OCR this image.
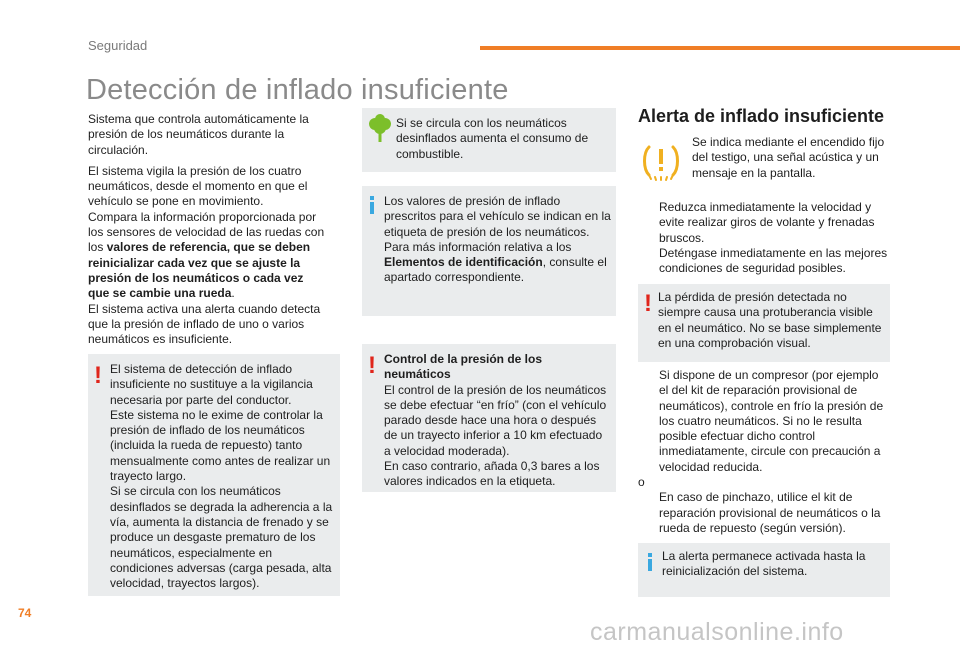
Seguridad
Detección de inflado insuficiente

Sistema que controla automáticamente la presión de los neumáticos durante la circulación.

El sistema vigila la presión de los cuatro neumáticos, desde el momento en que el vehículo se pone en movimiento.

Compara la información proporcionada por los sensores de velocidad de las ruedas con los valores de referencia, que se deben reinicializar cada vez que se ajuste la presión de los neumáticos o cada vez que se cambie una rueda.

El sistema activa una alerta cuando detecta que la presión de inflado de uno o varios neumáticos es insuficiente.

! El sistema de detección de inflado insuficiente no sustituye a la vigilancia necesaria por parte del conductor.

Este sistema no le exime de controlar la presión de inflado de los neumáticos (incluida la rueda de repuesto) tanto mensualmente como antes de realizar un trayecto largo.

Si se circula con los neumáticos desinflados se degrada la adherencia a la vía, aumenta la distancia de frenado y se produce un desgaste prematuro de los neumáticos, especialmente en condiciones adversas (carga pesada, alta velocidad, trayectos largos).

Si se circula con los neumáticos desinflados aumenta el consumo de combustible.

Los valores de presión de inflado prescritos para el vehículo se indican en la etiqueta de presión de los neumáticos.

Para más información relativa a los Elementos de identificación, consulte el apartado correspondiente.

! Control de la presión de los neumáticos

El control de la presión de los neumáticos se debe efectuar “en frío” (con el vehículo parado desde hace una hora o después de un trayecto inferior a 10 km efectuado a velocidad moderada).

En caso contrario, añada 0,3 bares a los valores indicados en la etiqueta.

Alerta de inflado insuficiente
Se indica mediante el encendido fijo del testigo, una señal acústica y un mensaje en la pantalla.
Reduzca inmediatamente la velocidad y evite realizar giros de volante y frenadas bruscos.
Deténgase inmediatamente en las mejores condiciones de seguridad posibles.
! La pérdida de presión detectada no siempre causa una protuberancia visible en el neumático. No se base simplemente en una comprobación visual.
Si dispone de un compresor (por ejemplo el del kit de reparación provisional de neumáticos), controle en frío la presión de los cuatro neumáticos. Si no le resulta posible efectuar dicho control inmediatamente, circule con precaución a velocidad reducida.
o
En caso de pinchazo, utilice el kit de reparación provisional de neumáticos o la rueda de repuesto (según versión).
La alerta permanece activada hasta la reinicialización del sistema.
74
carmanualsonline.info
